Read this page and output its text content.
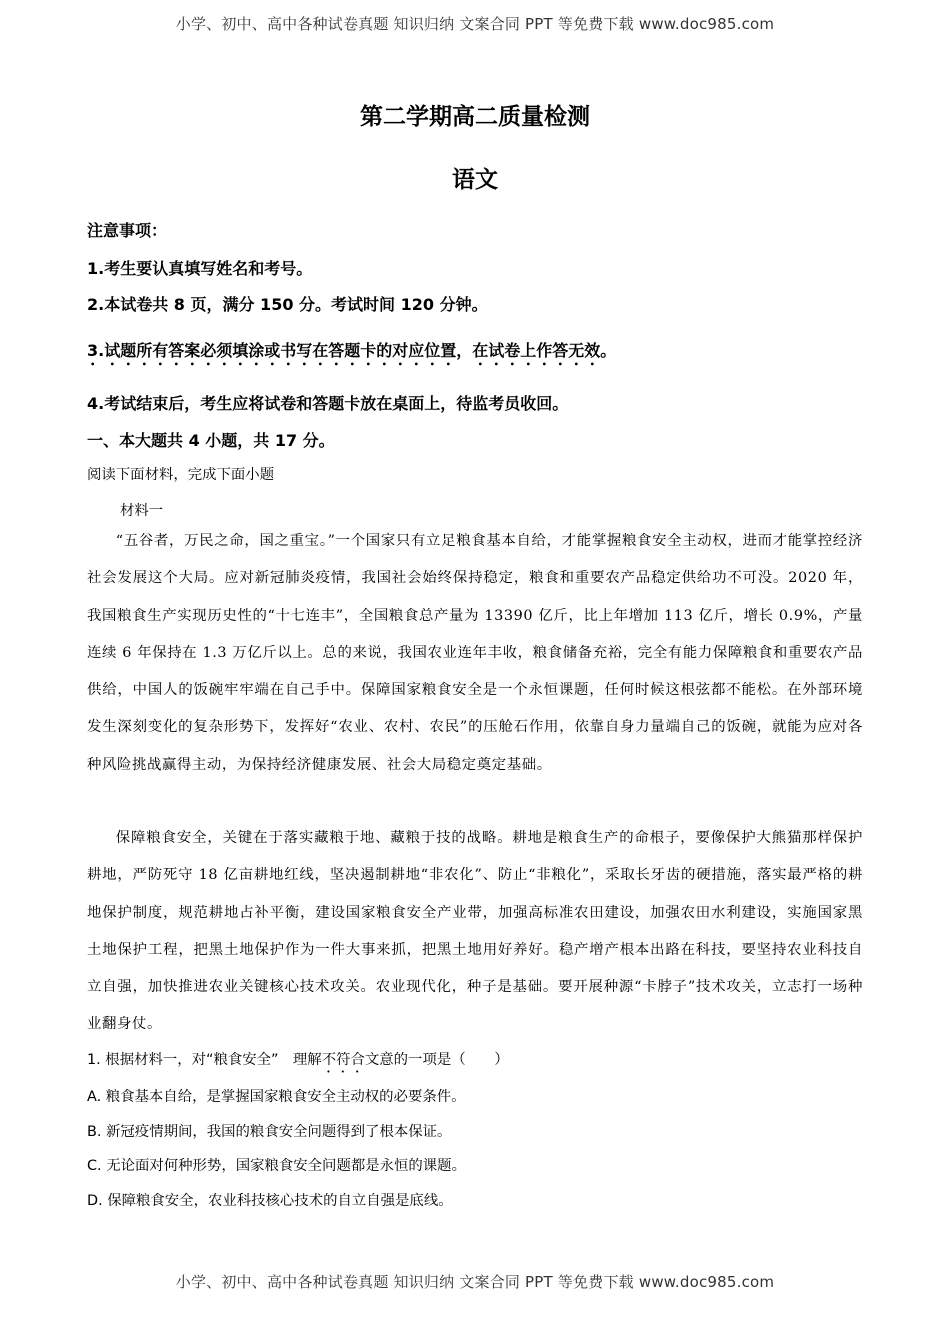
小学、初中、高中各种试卷真题 知识归纳 文案合同 PPT 等免费下载 www.doc985.com
第二学期高二质量检测
语文
注意事项：
1.考生要认真填写姓名和考号。
2.本试卷共 8 页，满分 150 分。考试时间 120 分钟。
3.试题所有答案必须填涂或书写在答题卡的对应位置，在试卷上作答无效。
4.考试结束后，考生应将试卷和答题卡放在桌面上，待监考员收回。
一、本大题共 4 小题，共 17 分。
阅读下面材料，完成下面小题
材料一
“五谷者，万民之命，国之重宝。”一个国家只有立足粮食基本自给，才能掌握粮食安全主动权，进而才能掌控经济社会发展这个大局。应对新冠肺炎疫情，我国社会始终保持稳定，粮食和重要农产品稳定供给功不可没。2020 年，我国粮食生产实现历史性的“十七连丰”，全国粮食总产量为 13390 亿斤，比上年增加 113 亿斤，增长 0.9%，产量连续 6 年保持在 1.3 万亿斤以上。总的来说，我国农业连年丰收，粮食储备充裕，完全有能力保障粮食和重要农产品供给，中国人的饭碗牢牢端在自己手中。保障国家粮食安全是一个永恒课题，任何时候这根弦都不能松。在外部环境发生深刻变化的复杂形势下，发挥好“农业、农村、农民”的压舱石作用，依靠自身力量端自己的饭碗，就能为应对各种风险挑战赢得主动，为保持经济健康发展、社会大局稳定奠定基础。
保障粮食安全，关键在于落实藏粮于地、藏粮于技的战略。耕地是粮食生产的命根子，要像保护大熊猫那样保护耕地，严防死守 18 亿亩耕地红线，坚决遏制耕地“非农化”、防止“非粮化”，采取长牙齿的硬措施，落实最严格的耕地保护制度，规范耕地占补平衡，建设国家粮食安全产业带，加强高标准农田建设，加强农田水利建设，实施国家黑土地保护工程，把黑土地保护作为一件大事来抓，把黑土地用好养好。稳产增产根本出路在科技，要坚持农业科技自立自强，加快推进农业关键核心技术攻关。农业现代化，种子是基础。要开展种源“卡脖子”技术攻关，立志打一场种业翻身仗。
1. 根据材料一，对“粮食安全”　理解不符合文意的一项是（　　）
A. 粮食基本自给，是掌握国家粮食安全主动权的必要条件。
B. 新冠疫情期间，我国的粮食安全问题得到了根本保证。
C. 无论面对何种形势，国家粮食安全问题都是永恒的课题。
D. 保障粮食安全，农业科技核心技术的自立自强是底线。
小学、初中、高中各种试卷真题 知识归纳 文案合同 PPT 等免费下载 www.doc985.com
